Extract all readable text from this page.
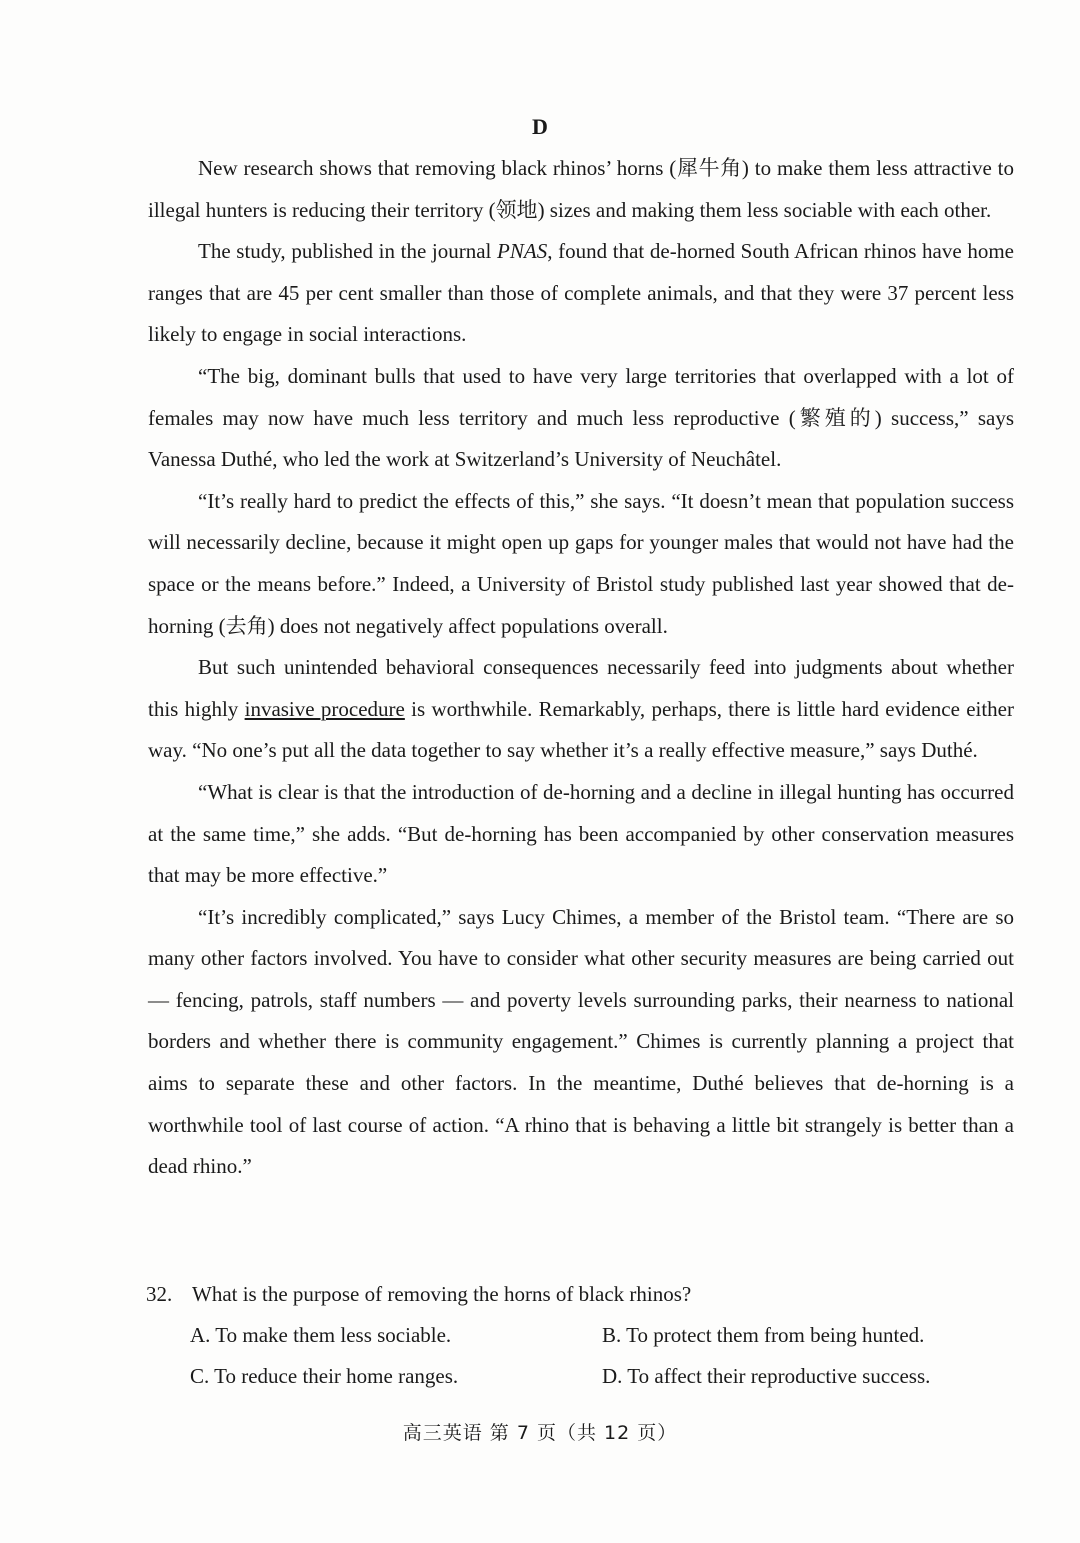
D

New research shows that removing black rhinos’ horns (犀牛角) to make them less attractive to illegal hunters is reducing their territory (领地) sizes and making them less sociable with each other.

The study, published in the journal PNAS, found that de-horned South African rhinos have home ranges that are 45 per cent smaller than those of complete animals, and that they were 37 percent less likely to engage in social interactions.

“The big, dominant bulls that used to have very large territories that overlapped with a lot of females may now have much less territory and much less reproductive (繁殖的) success,” says Vanessa Duthé, who led the work at Switzerland’s University of Neuchâtel.

“It’s really hard to predict the effects of this,” she says. “It doesn’t mean that population success will necessarily decline, because it might open up gaps for younger males that would not have had the space or the means before.” Indeed, a University of Bristol study published last year showed that de-horning (去角) does not negatively affect populations overall.

But such unintended behavioral consequences necessarily feed into judgments about whether this highly invasive procedure is worthwhile. Remarkably, perhaps, there is little hard evidence either way. “No one’s put all the data together to say whether it’s a really effective measure,” says Duthé.

“What is clear is that the introduction of de-horning and a decline in illegal hunting has occurred at the same time,” she adds. “But de-horning has been accompanied by other conservation measures that may be more effective.”

“It’s incredibly complicated,” says Lucy Chimes, a member of the Bristol team. “There are so many other factors involved. You have to consider what other security measures are being carried out — fencing, patrols, staff numbers — and poverty levels surrounding parks, their nearness to national borders and whether there is community engagement.” Chimes is currently planning a project that aims to separate these and other factors. In the meantime, Duthé believes that de-horning is a worthwhile tool of last course of action. “A rhino that is behaving a little bit strangely is better than a dead rhino.”

32. What is the purpose of removing the horns of black rhinos?

A. To make them less sociable.	B. To protect them from being hunted.
C. To reduce their home ranges.	D. To affect their reproductive success.
高三英语 第 7 页（共 12 页）
